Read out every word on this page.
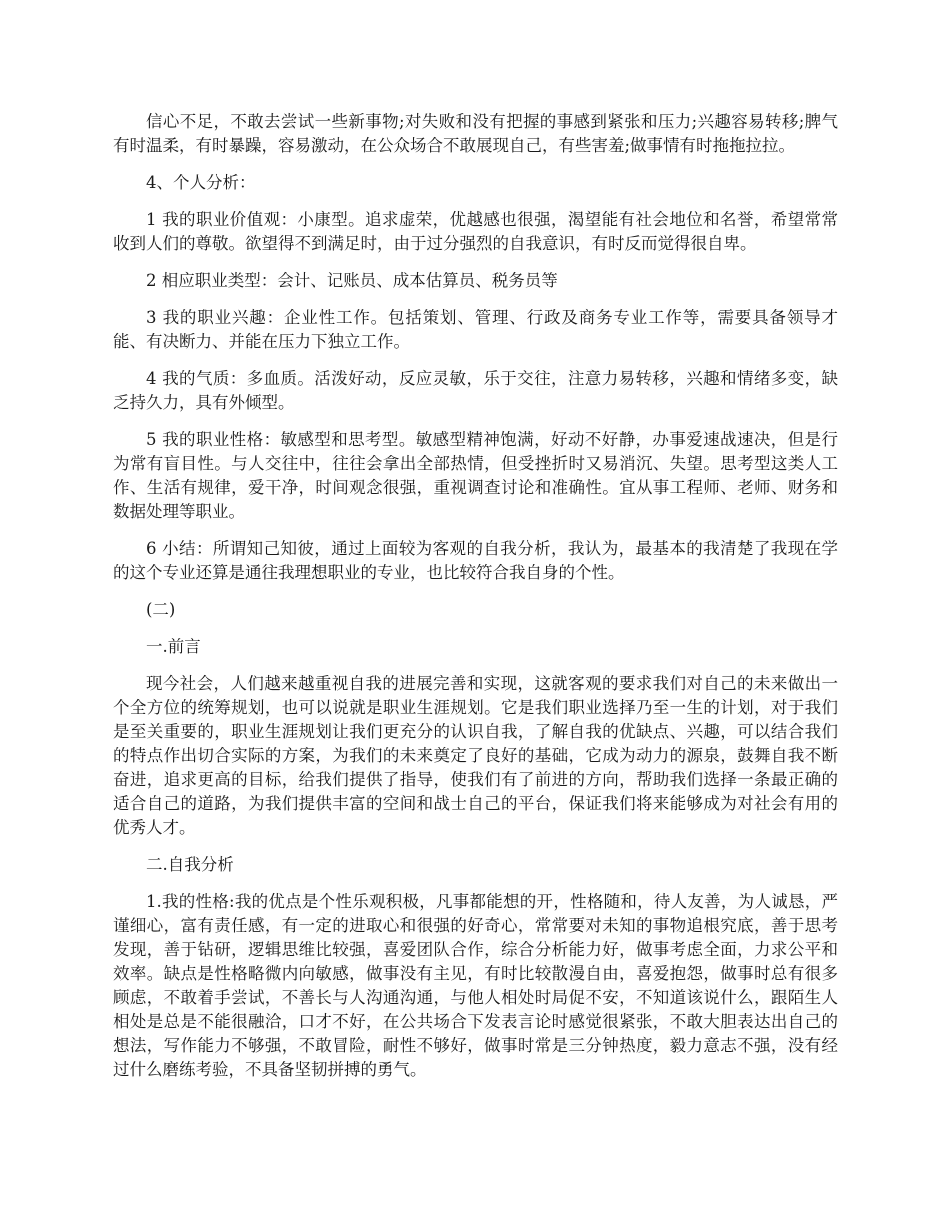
信心不足，不敢去尝试一些新事物;对失败和没有把握的事感到紧张和压力;兴趣容易转移;脾气有时温柔，有时暴躁，容易激动，在公众场合不敢展现自己，有些害羞;做事情有时拖拖拉拉。

4、个人分析：

1 我的职业价值观：小康型。追求虚荣，优越感也很强，渴望能有社会地位和名誉，希望常常收到人们的尊敬。欲望得不到满足时，由于过分强烈的自我意识，有时反而觉得很自卑。

2 相应职业类型：会计、记账员、成本估算员、税务员等

3 我的职业兴趣：企业性工作。包括策划、管理、行政及商务专业工作等，需要具备领导才能、有决断力、并能在压力下独立工作。

4 我的气质：多血质。活泼好动，反应灵敏，乐于交往，注意力易转移，兴趣和情绪多变，缺乏持久力，具有外倾型。

5 我的职业性格：敏感型和思考型。敏感型精神饱满，好动不好静，办事爱速战速决，但是行为常有盲目性。与人交往中，往往会拿出全部热情，但受挫折时又易消沉、失望。思考型这类人工作、生活有规律，爱干净，时间观念很强，重视调查讨论和准确性。宜从事工程师、老师、财务和数据处理等职业。

6 小结：所谓知己知彼，通过上面较为客观的自我分析，我认为，最基本的我清楚了我现在学的这个专业还算是通往我理想职业的专业，也比较符合我自身的个性。

(二)

一.前言

现今社会，人们越来越重视自我的进展完善和实现，这就客观的要求我们对自己的未来做出一个全方位的统筹规划，也可以说就是职业生涯规划。它是我们职业选择乃至一生的计划，对于我们是至关重要的，职业生涯规划让我们更充分的认识自我，了解自我的优缺点、兴趣，可以结合我们的特点作出切合实际的方案，为我们的未来奠定了良好的基础，它成为动力的源泉，鼓舞自我不断奋进，追求更高的目标，给我们提供了指导，使我们有了前进的方向，帮助我们选择一条最正确的适合自己的道路，为我们提供丰富的空间和战士自己的平台，保证我们将来能够成为对社会有用的优秀人才。

二.自我分析

1.我的性格:我的优点是个性乐观积极，凡事都能想的开，性格随和，待人友善，为人诚恳，严谨细心，富有责任感，有一定的进取心和很强的好奇心，常常要对未知的事物追根究底，善于思考发现，善于钻研，逻辑思维比较强，喜爱团队合作，综合分析能力好，做事考虑全面，力求公平和效率。缺点是性格略微内向敏感，做事没有主见，有时比较散漫自由，喜爱抱怨，做事时总有很多顾虑，不敢着手尝试，不善长与人沟通沟通，与他人相处时局促不安，不知道该说什么，跟陌生人相处是总是不能很融洽，口才不好，在公共场合下发表言论时感觉很紧张，不敢大胆表达出自己的想法，写作能力不够强，不敢冒险，耐性不够好，做事时常是三分钟热度，毅力意志不强，没有经过什么磨练考验，不具备坚韧拼搏的勇气。
